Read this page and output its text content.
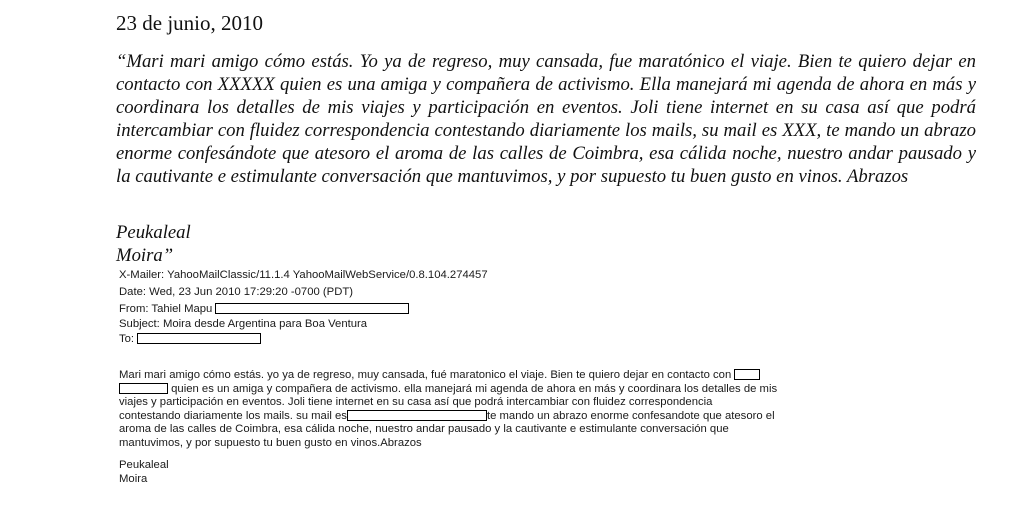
23 de junio, 2010

“Mari mari amigo cómo estás. Yo ya de regreso, muy cansada, fue maratónico el viaje. Bien te quiero dejar en contacto con XXXXX quien es una amiga y compañera de activismo. Ella manejará mi agenda de ahora en más y coordinara los detalles de mis viajes y participación en eventos. Joli tiene internet en su casa así que podrá intercambiar con fluidez correspondencia contestando diariamente los mails, su mail es XXX, te mando un abrazo enorme confesándote que atesoro el aroma de las calles de Coimbra, esa cálida noche, nuestro andar pausado y la cautivante e estimulante conversación que mantuvimos, y por supuesto tu buen gusto en vinos. Abrazos

Peukaleal
Moira”
X-Mailer: YahooMailClassic/11.1.4 YahooMailWebService/0.8.104.274457
Date: Wed, 23 Jun 2010 17:29:20 -0700 (PDT)
From: Tahiel Mapu
Subject: Moira desde Argentina para Boa Ventura
To:
Mari mari amigo cómo estás. yo ya de regreso, muy cansada, fué maratonico el viaje. Bien te quiero dejar en contacto con
quien es un amiga y compañera de activismo. ella manejará mi agenda de ahora en más y coordinara los detalles de mis
viajes y participación en eventos. Joli tiene internet en su casa así que podrá intercambiar con fluidez correspondencia
contestando diariamente los mails. su mail es	te mando un abrazo enorme confesandote que atesoro el
aroma de las calles de Coimbra, esa cálida noche, nuestro andar pausado y la cautivante e estimulante conversación que
mantuvimos, y por supuesto tu buen gusto en vinos.Abrazos
Peukaleal
Moira
